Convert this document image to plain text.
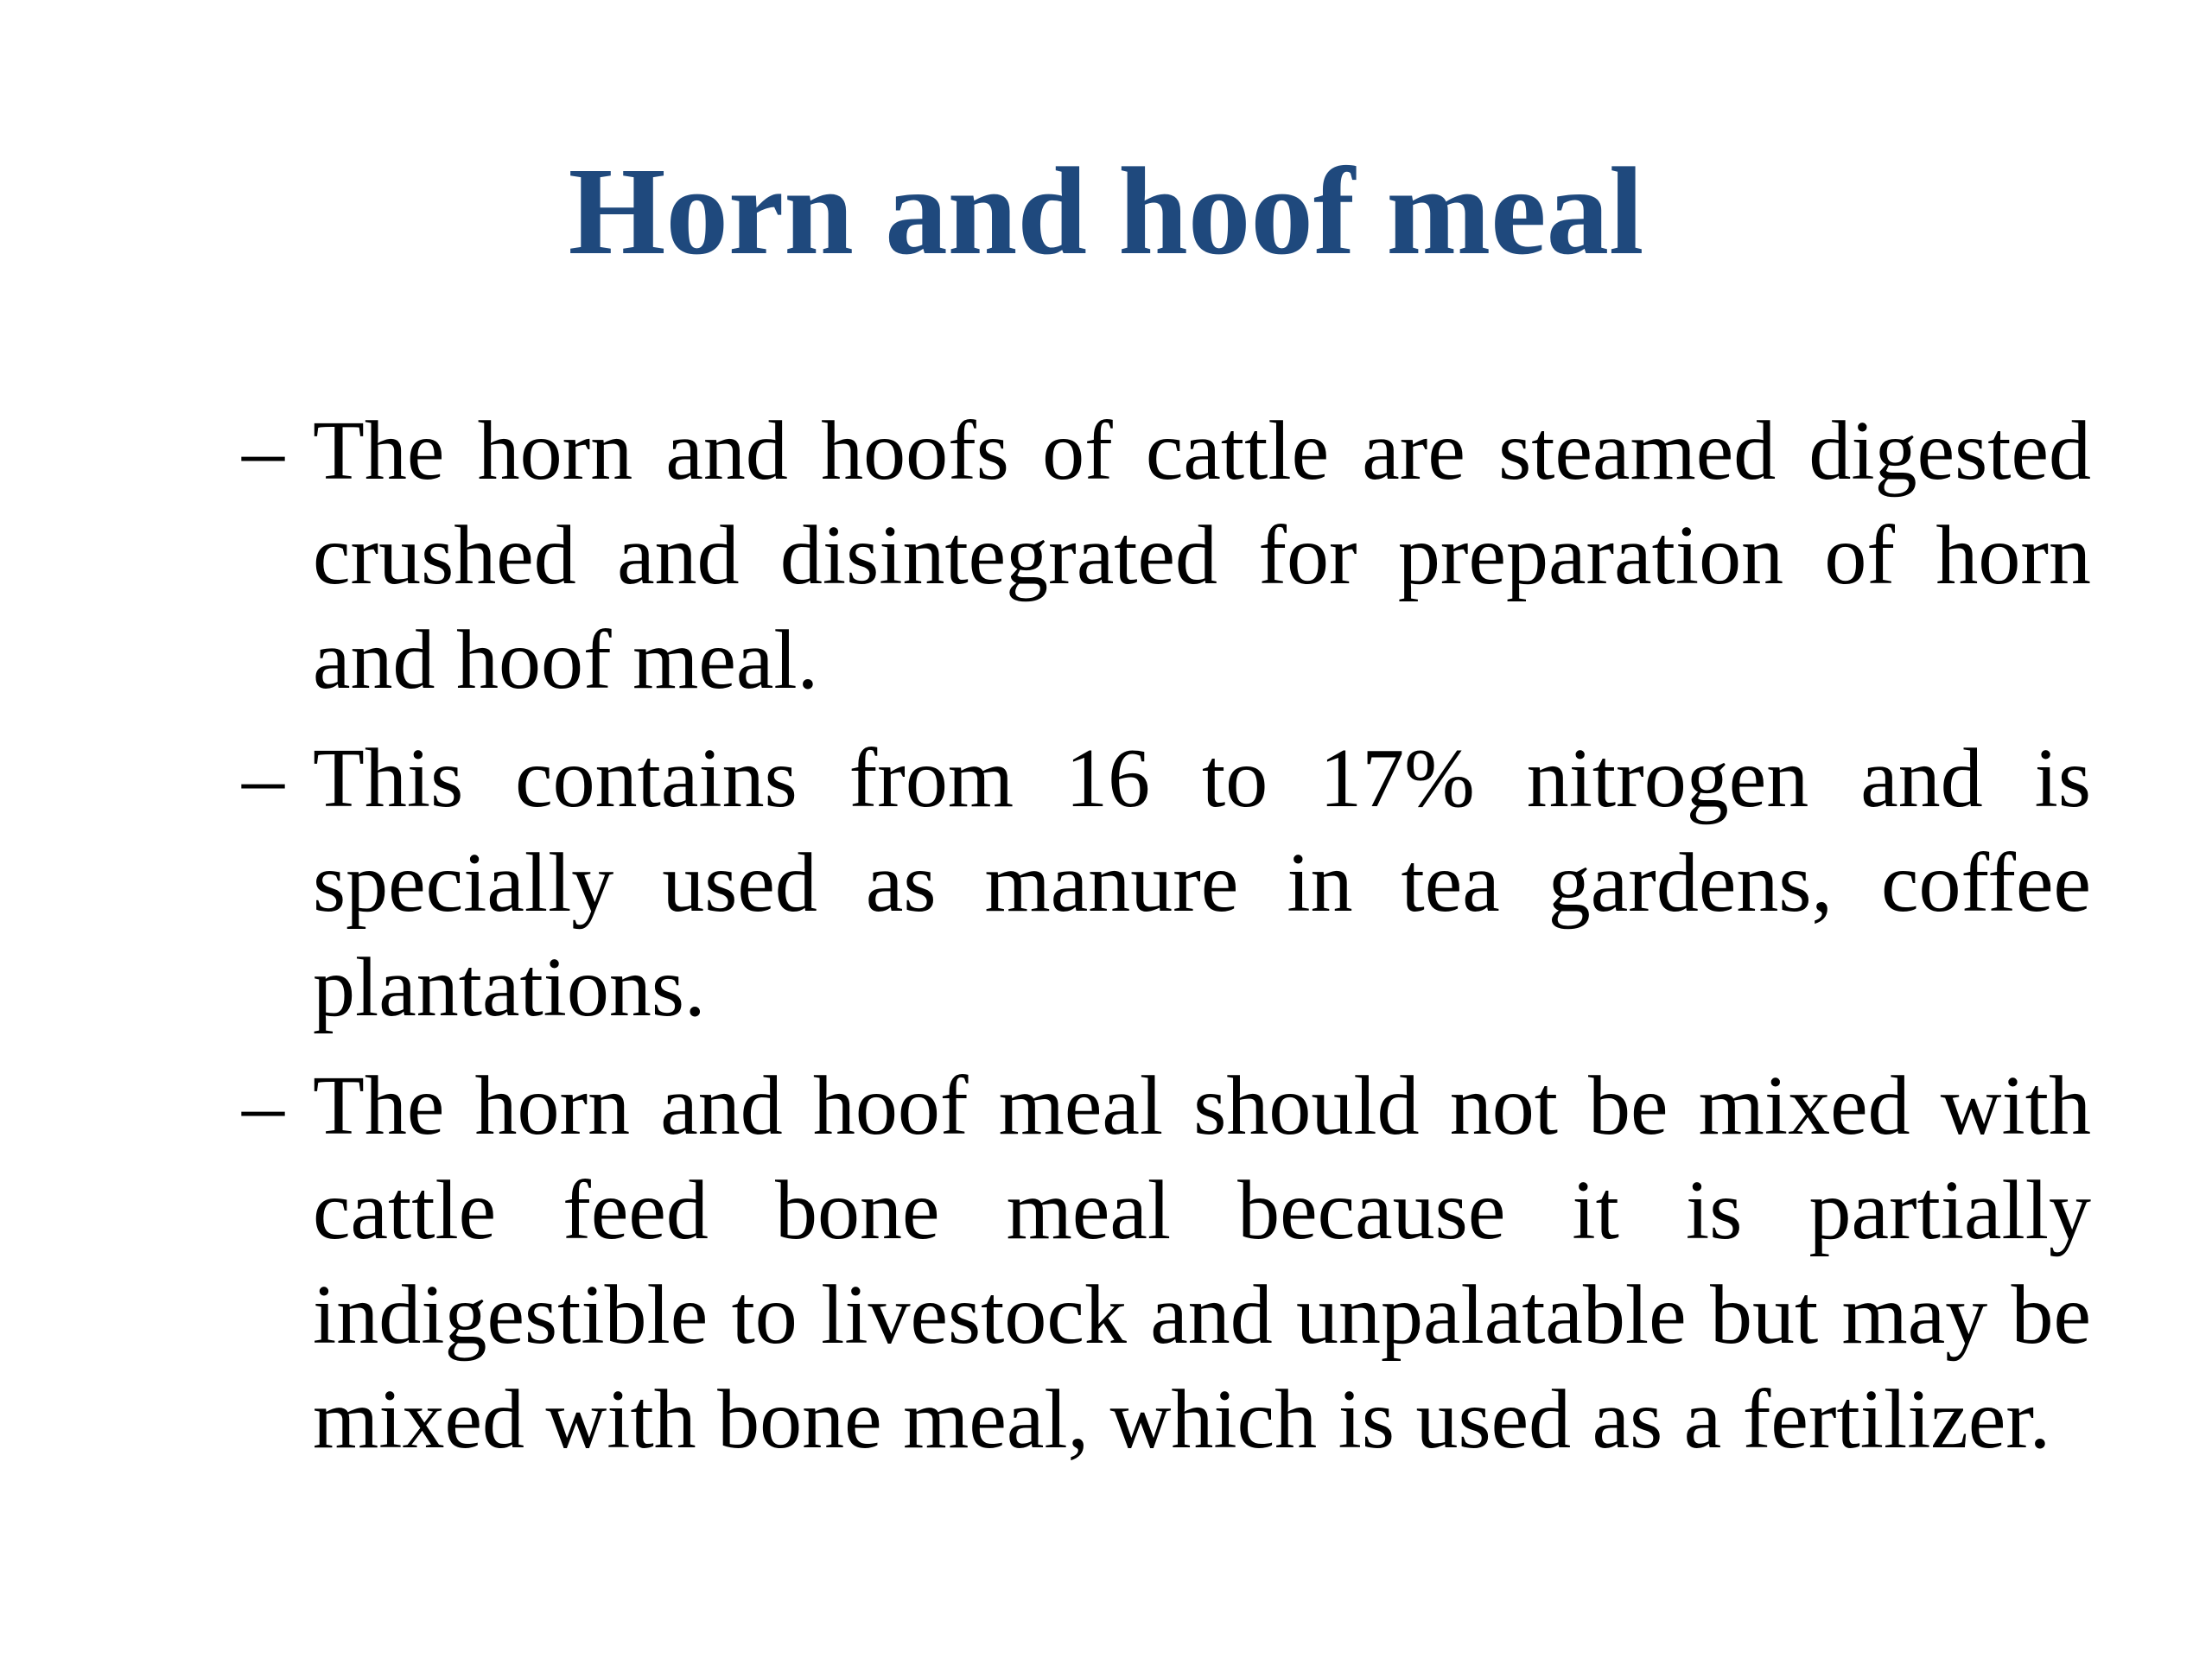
Horn and hoof meal
– The horn and hoofs of cattle are steamed digested crushed and disintegrated for preparation of horn and hoof meal.
– This contains from 16 to 17% nitrogen and is specially used as manure in tea gardens, coffee plantations.
– The horn and hoof meal should not be mixed with cattle feed bone meal because it is partially indigestible to livestock and unpalatable but may be mixed with bone meal, which is used as a fertilizer.
